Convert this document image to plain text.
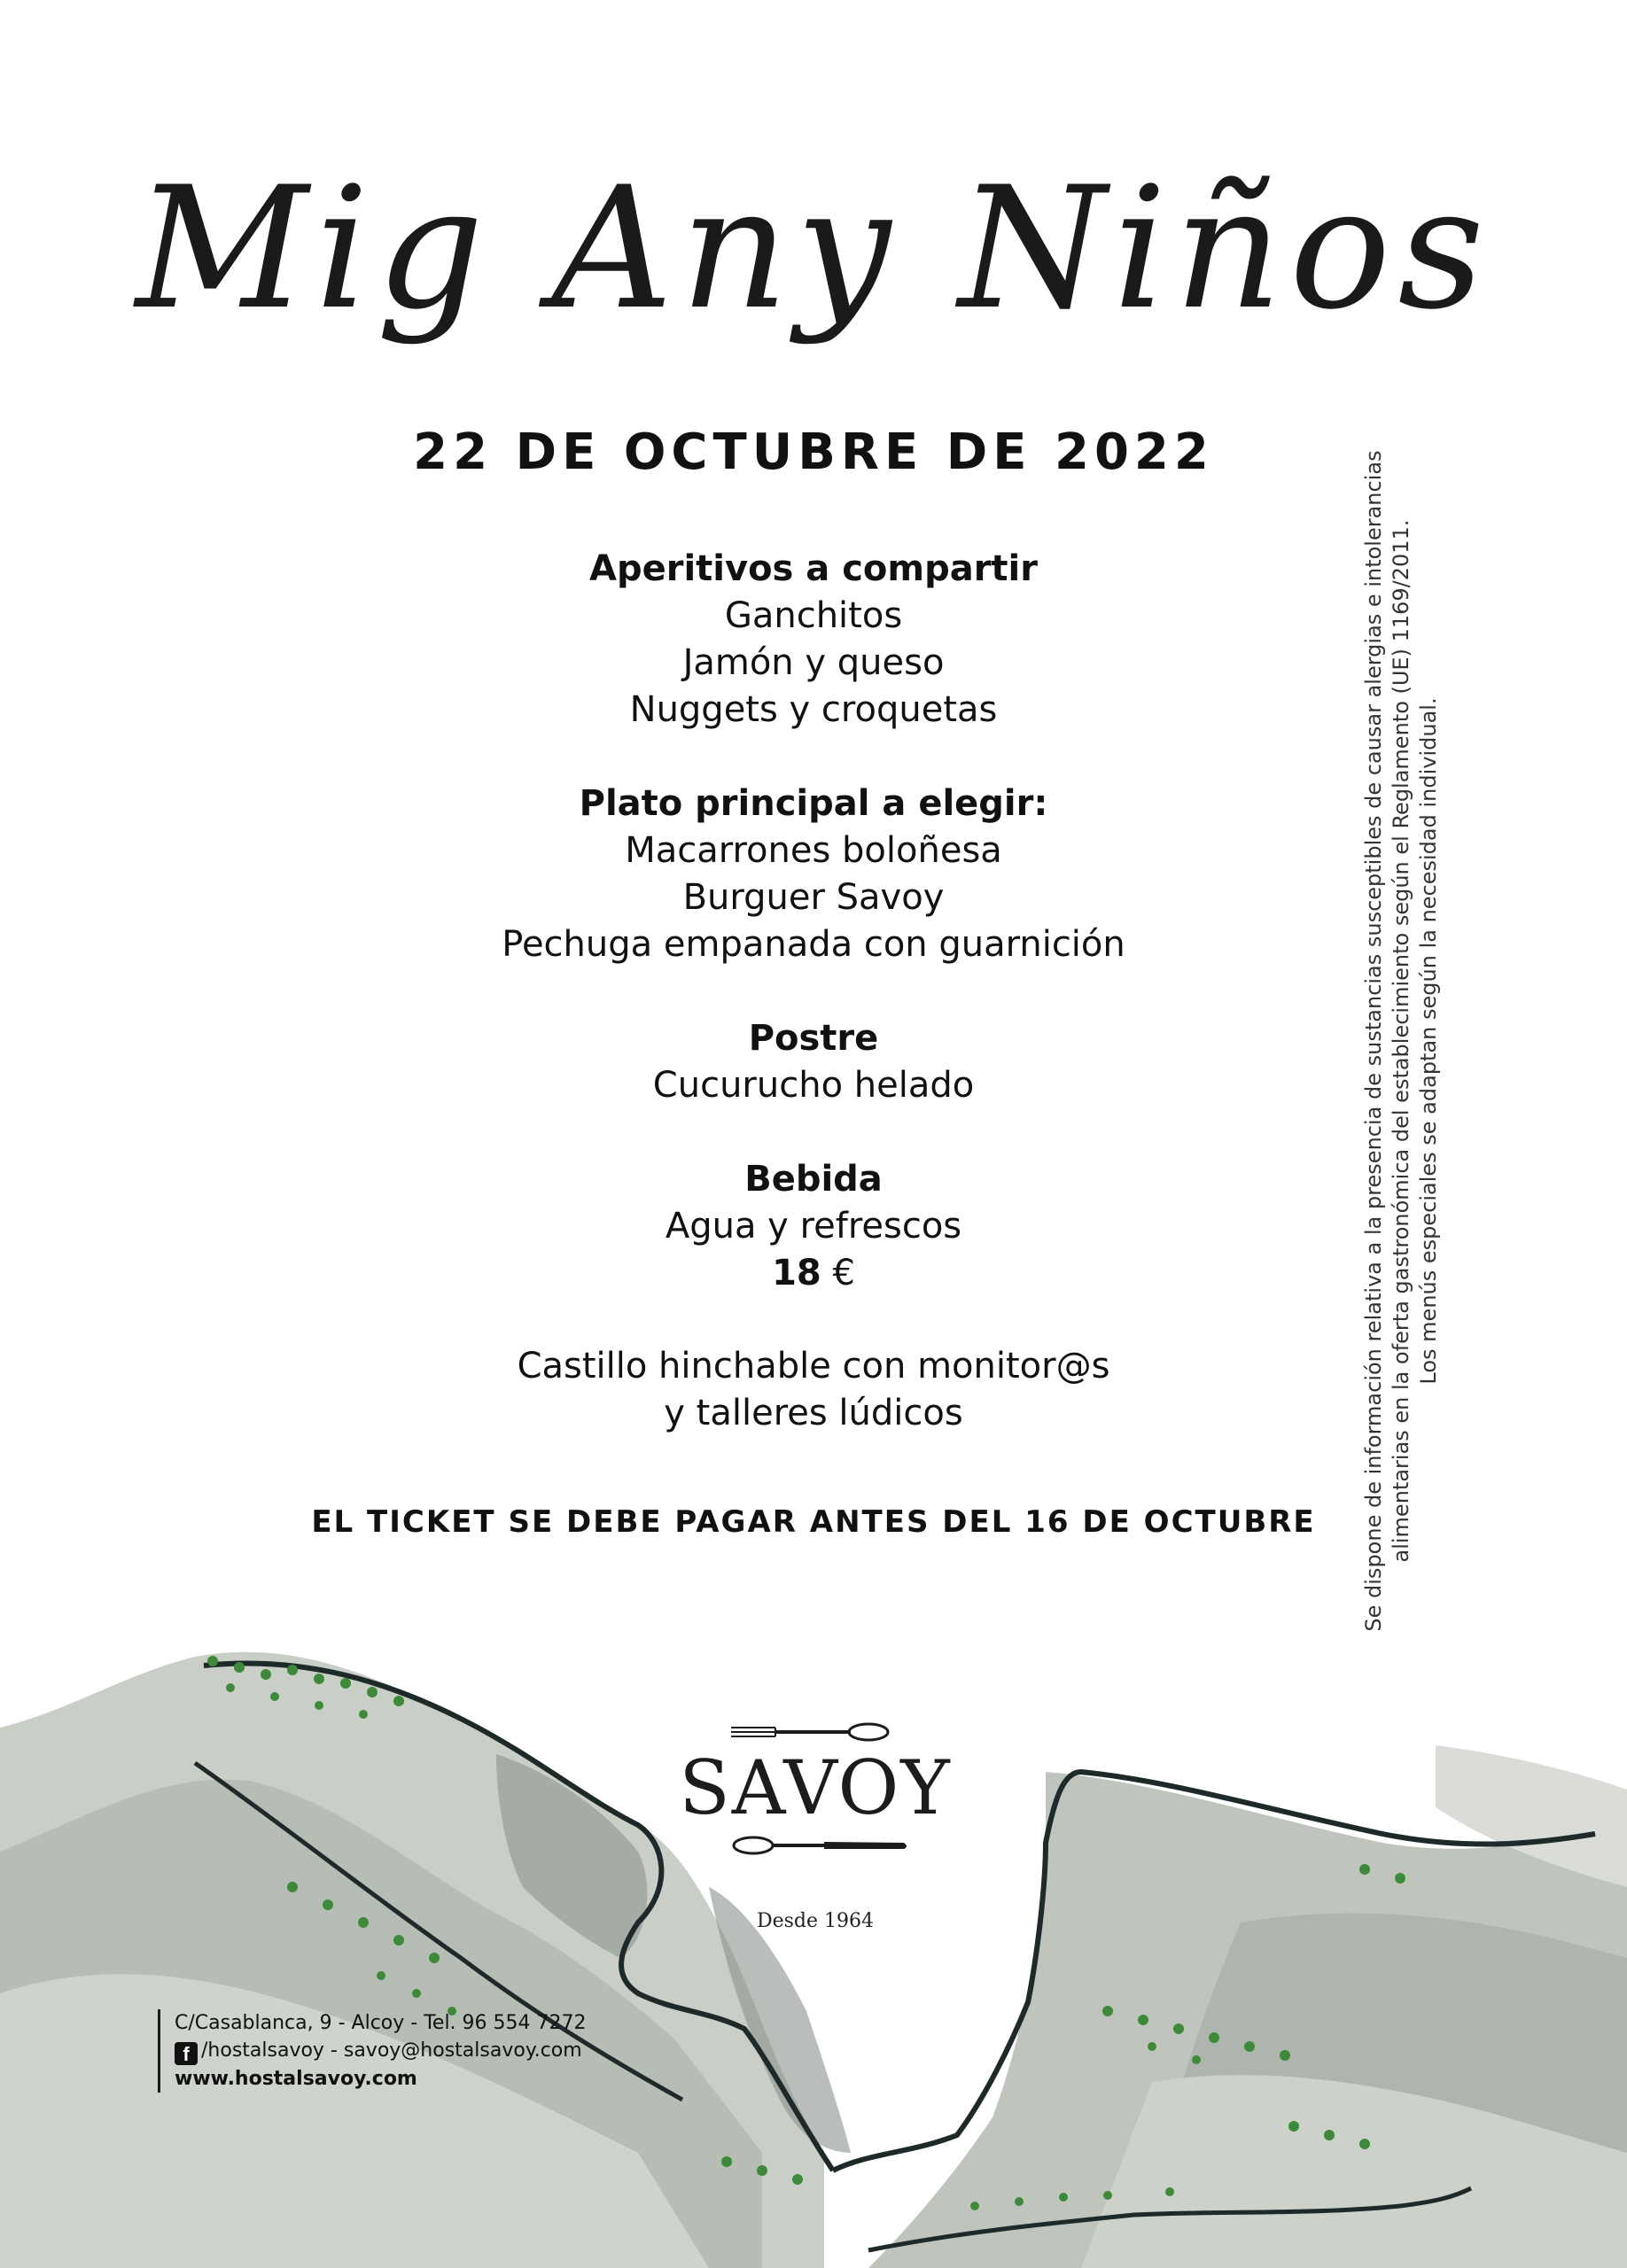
Mig Any Niños
22 DE OCTUBRE DE 2022
Aperitivos a compartir
Ganchitos
Jamón y queso
Nuggets y croquetas
Plato principal a elegir:
Macarrones boloñesa
Burguer Savoy
Pechuga empanada con guarnición
Postre
Cucurucho helado
Bebida
Agua y refrescos
18 €
Castillo hinchable con monitor@s
y talleres lúdicos
EL TICKET SE DEBE PAGAR ANTES DEL 16 DE OCTUBRE	Se dispone de información relativa a la presencia de sustancias susceptibles de causar alergias e intolerancias alimentarias en la oferta gastronómica del establecimiento según el Reglamento (UE) 1169/2011. Los menús especiales se adaptan según la necesidad individual.
SAVOY
Desde 1964
C/Casablanca, 9 - Alcoy - Tel. 96 554 7272
f /hostalsavoy - savoy@hostalsavoy.com
www.hostalsavoy.com
